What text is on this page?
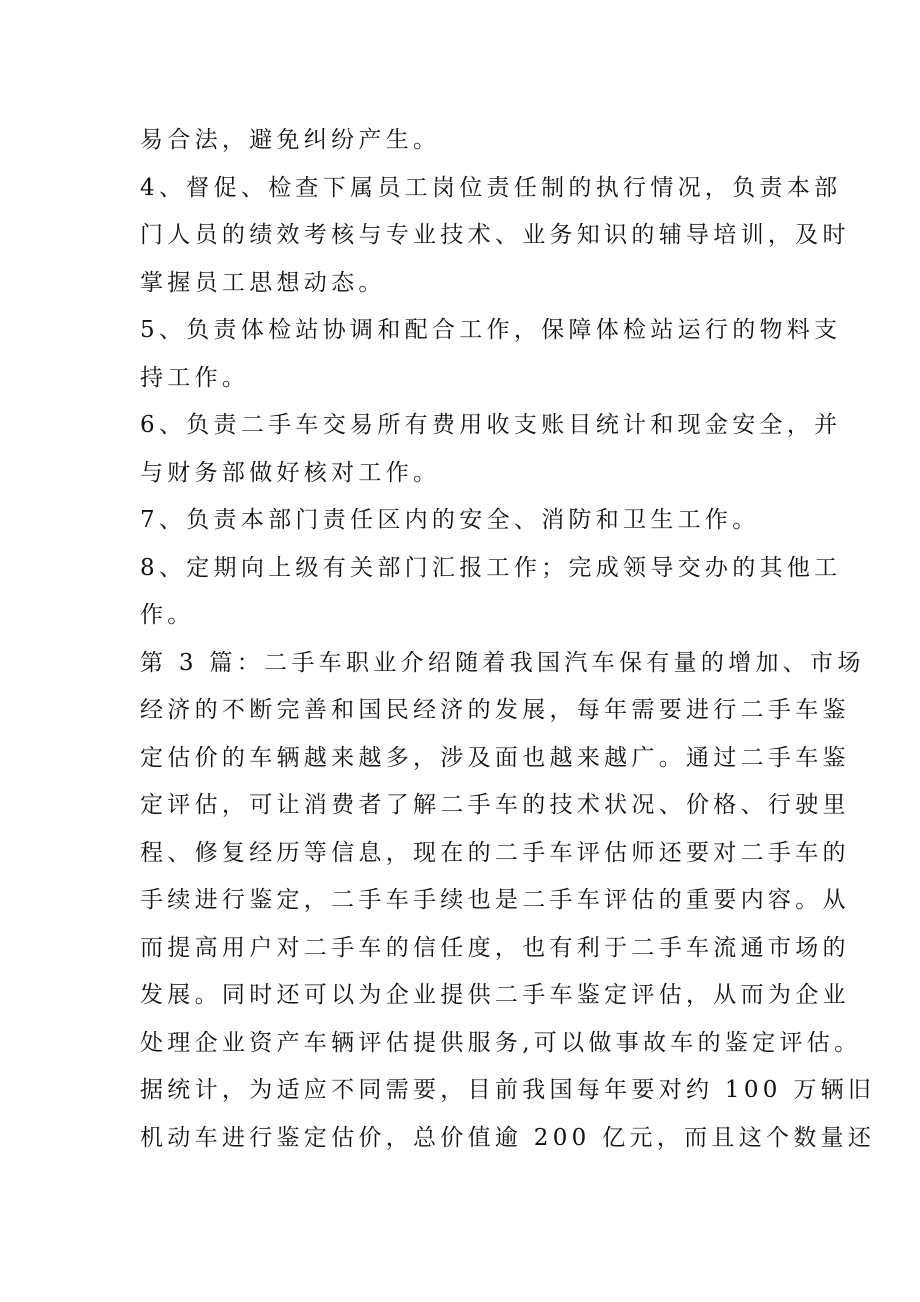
易合法，避免纠纷产生。
4、督促、检查下属员工岗位责任制的执行情况，负责本部
门人员的绩效考核与专业技术、业务知识的辅导培训，及时
掌握员工思想动态。
5、负责体检站协调和配合工作，保障体检站运行的物料支
持工作。
6、负责二手车交易所有费用收支账目统计和现金安全，并
与财务部做好核对工作。
7、负责本部门责任区内的安全、消防和卫生工作。
8、定期向上级有关部门汇报工作；完成领导交办的其他工
作。
第 3 篇：二手车职业介绍随着我国汽车保有量的增加、市场
经济的不断完善和国民经济的发展，每年需要进行二手车鉴
定估价的车辆越来越多，涉及面也越来越广。通过二手车鉴
定评估，可让消费者了解二手车的技术状况、价格、行驶里
程、修复经历等信息，现在的二手车评估师还要对二手车的
手续进行鉴定，二手车手续也是二手车评估的重要内容。从
而提高用户对二手车的信任度，也有利于二手车流通市场的
发展。同时还可以为企业提供二手车鉴定评估，从而为企业
处理企业资产车辆评估提供服务,可以做事故车的鉴定评估。
据统计，为适应不同需要，目前我国每年要对约 100 万辆旧
机动车进行鉴定估价，总价值逾 200 亿元，而且这个数量还
